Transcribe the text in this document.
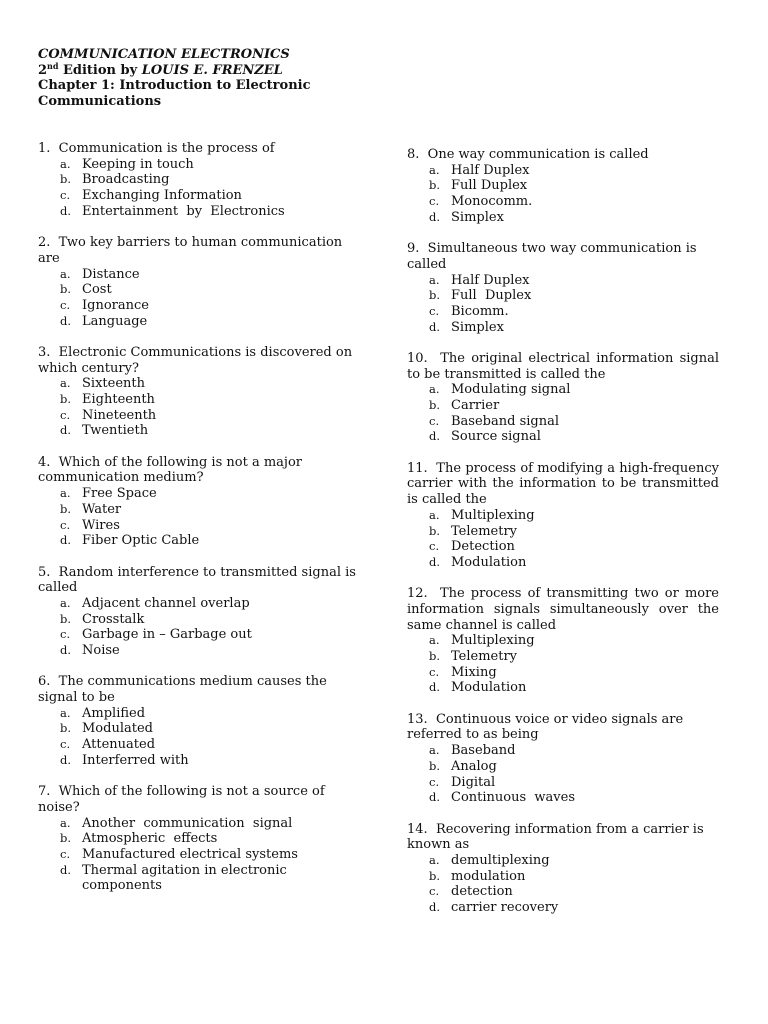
COMMUNICATION ELECTRONICS
2nd Edition by LOUIS E. FRENZEL
Chapter 1: Introduction to Electronic
Communications

1. Communication is the process of

a. Keeping in touch
b. Broadcasting
c. Exchanging Information
d. Entertainment  by  Electronics

2. Two key barriers to human communication are

a. Distance
b. Cost
c. Ignorance
d. Language

3. Electronic Communications is discovered on which century?

a. Sixteenth
b. Eighteenth
c. Nineteenth
d. Twentieth

4. Which of the following is not a major communication medium?

a. Free Space
b. Water
c. Wires
d. Fiber Optic Cable

5. Random interference to transmitted signal is called

a. Adjacent channel overlap
b. Crosstalk
c. Garbage in – Garbage out
d. Noise

6. The communications medium causes the signal to be

a. Amplified
b. Modulated
c. Attenuated
d. Interferred with

7. Which of the following is not a source of noise?

a. Another  communication  signal
b. Atmospheric  effects
c. Manufactured electrical systems
d. Thermal agitation in electronic components

8. One way communication is called

a. Half Duplex
b. Full Duplex
c. Monocomm.
d. Simplex

9. Simultaneous two way communication is called

a. Half Duplex
b. Full  Duplex
c. Bicomm.
d. Simplex

10. The original electrical information signal to be transmitted is called the

a. Modulating signal
b. Carrier
c. Baseband signal
d. Source signal

11. The process of modifying a high-frequency carrier with the information to be transmitted is called the

a. Multiplexing
b. Telemetry
c. Detection
d. Modulation

12. The process of transmitting two or more information signals simultaneously over the same channel is called

a. Multiplexing
b. Telemetry
c. Mixing
d. Modulation

13. Continuous voice or video signals are referred to as being

a. Baseband
b. Analog
c. Digital
d. Continuous  waves

14. Recovering information from a carrier is known as

a. demultiplexing
b. modulation
c. detection
d. carrier recovery
